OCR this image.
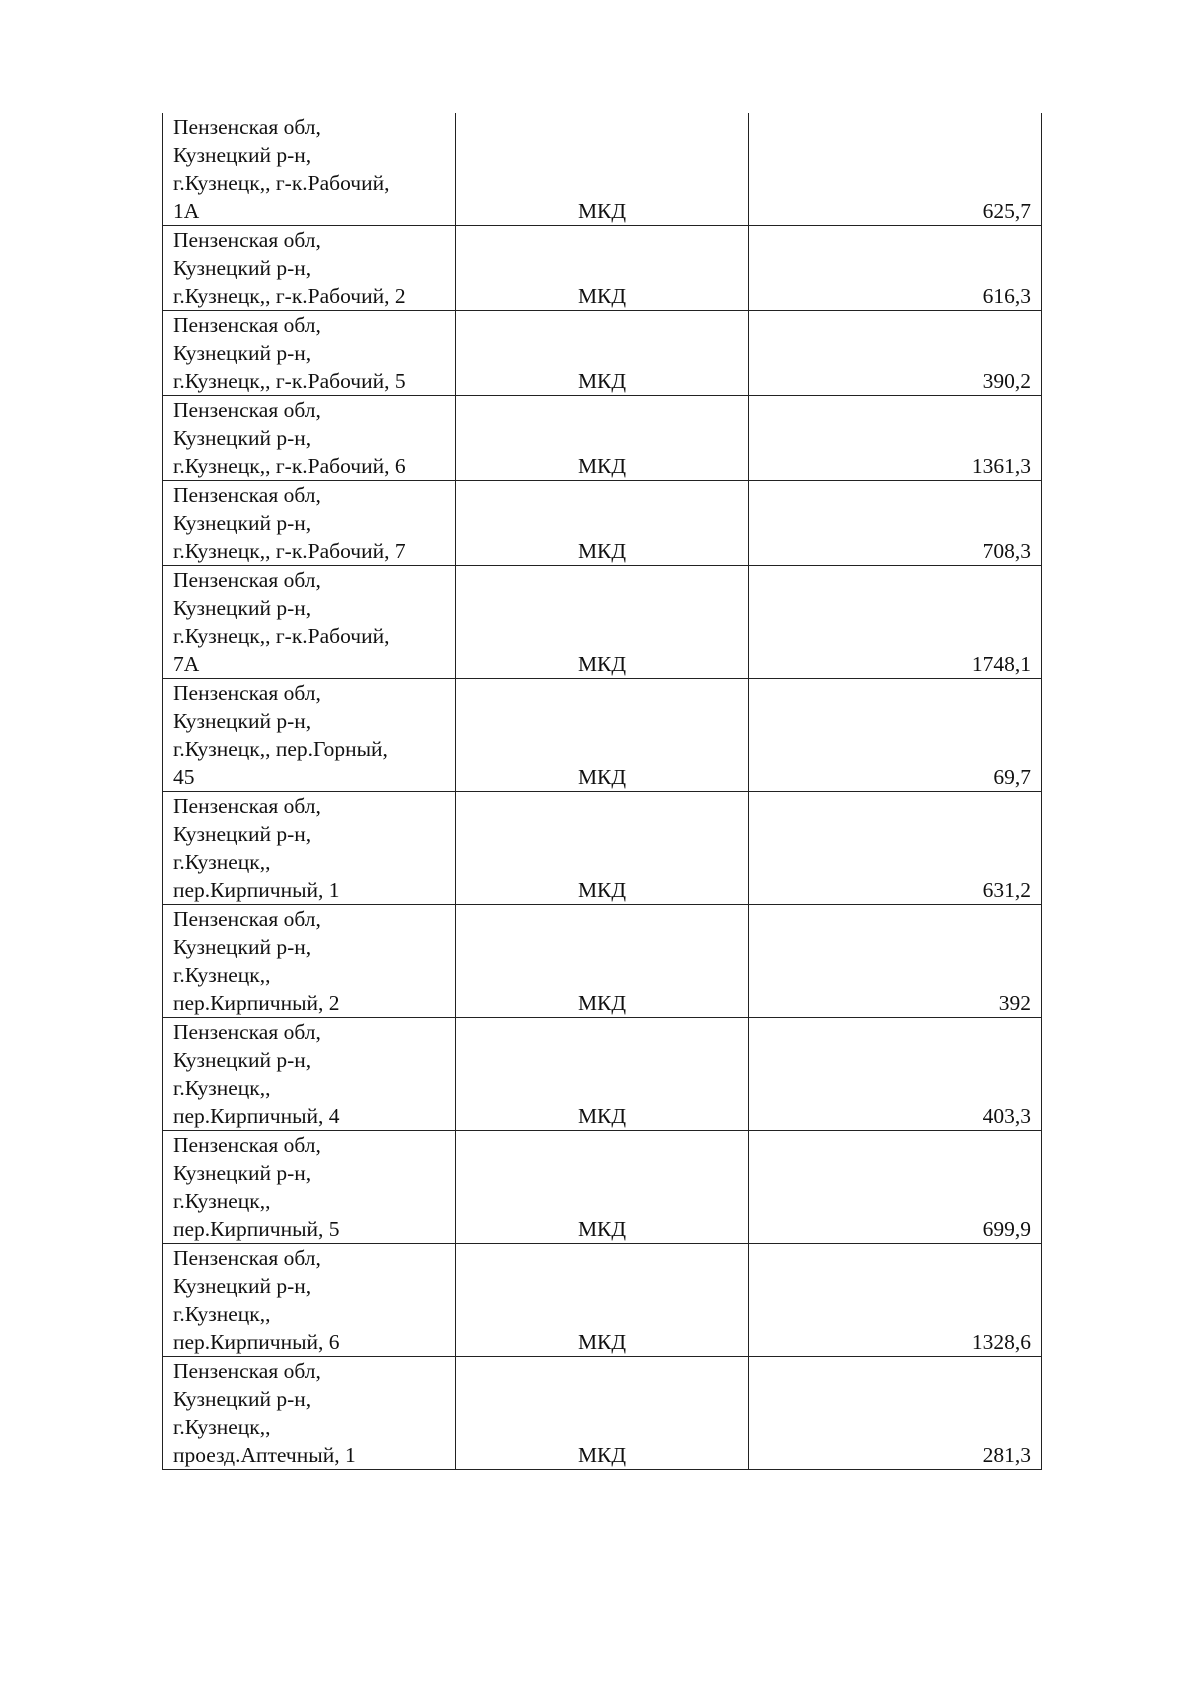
Пензенская обл,
Кузнецкий р-н,
г.Кузнецк,, г-к.Рабочий,
1А	МКД	625,7
Пензенская обл,
Кузнецкий р-н,
г.Кузнецк,, г-к.Рабочий, 2	МКД	616,3
Пензенская обл,
Кузнецкий р-н,
г.Кузнецк,, г-к.Рабочий, 5	МКД	390,2
Пензенская обл,
Кузнецкий р-н,
г.Кузнецк,, г-к.Рабочий, 6	МКД	1361,3
Пензенская обл,
Кузнецкий р-н,
г.Кузнецк,, г-к.Рабочий, 7	МКД	708,3
Пензенская обл,
Кузнецкий р-н,
г.Кузнецк,, г-к.Рабочий,
7А	МКД	1748,1
Пензенская обл,
Кузнецкий р-н,
г.Кузнецк,, пер.Горный,
45	МКД	69,7
Пензенская обл,
Кузнецкий р-н,
г.Кузнецк,,
пер.Кирпичный, 1	МКД	631,2
Пензенская обл,
Кузнецкий р-н,
г.Кузнецк,,
пер.Кирпичный, 2	МКД	392
Пензенская обл,
Кузнецкий р-н,
г.Кузнецк,,
пер.Кирпичный, 4	МКД	403,3
Пензенская обл,
Кузнецкий р-н,
г.Кузнецк,,
пер.Кирпичный, 5	МКД	699,9
Пензенская обл,
Кузнецкий р-н,
г.Кузнецк,,
пер.Кирпичный, 6	МКД	1328,6
Пензенская обл,
Кузнецкий р-н,
г.Кузнецк,,
проезд.Аптечный, 1	МКД	281,3
